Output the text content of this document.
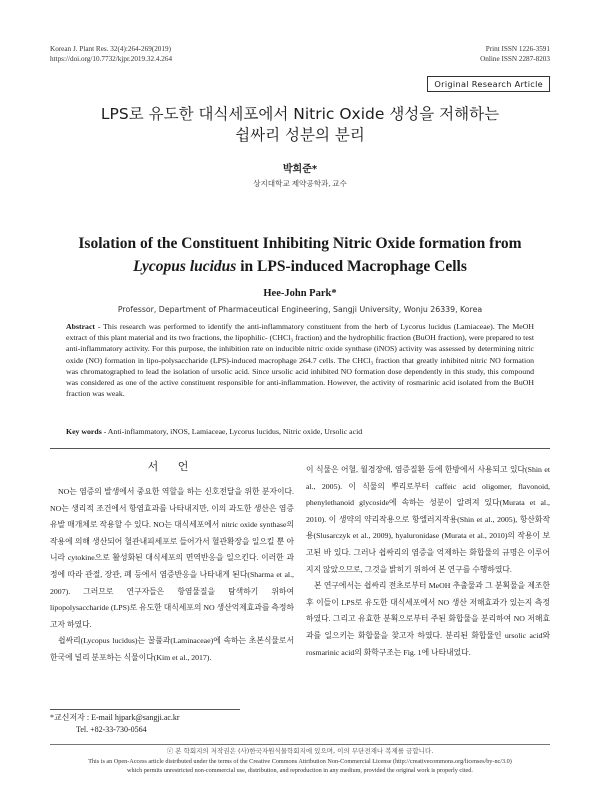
Korean J. Plant Res. 32(4):264-269(2019)
https://doi.org/10.7732/kjpr.2019.32.4.264
Print ISSN 1226-3591
Online ISSN 2287-8203
Original Research Article
LPS로 유도한 대식세포에서 Nitric Oxide 생성을 저해하는
쉽싸리 성분의 분리
박희준*
상지대학교 제약공학과, 교수
Isolation of the Constituent Inhibiting Nitric Oxide formation from
Lycopus lucidus in LPS-induced Macrophage Cells
Hee-John Park*
Professor, Department of Pharmaceutical Engineering, Sangji University, Wonju 26339, Korea
Abstract - This research was performed to identify the anti-inflammatory constituent from the herb of Lycorus lucidus (Lamiaceae). The MeOH extract of this plant material and its two fractions, the lipophilic- (CHCl₃ fraction) and the hydrophilic fraction (BuOH fraction), were prepared to test anti-inflammatory activity. For this purpose, the inhibition rate on inducible nitric oxide synthase (iNOS) activity was assessed by determining nitric oxide (NO) formation in lipo-polysaccharide (LPS)-induced macrophage 264.7 cells. The CHCl₃ fraction that greatly inhibited nitric NO formation was chromatographed to lead the isolation of ursolic acid. Since ursolic acid inhibited NO formation dose dependently in this study, this compound was considered as one of the active constituent responsible for anti-inflammation. However, the activity of rosmarinic acid isolated from the BuOH fraction was weak.
Key words - Anti-inflammatory, iNOS, Lamiaceae, Lycorus lucidus, Nitric oxide, Ursolic acid
서 언

NO는 염증의 발생에서 중요한 역할을 하는 신호전달을 위한 분자이다. NO는 생리적 조건에서 항염효과를 나타내지만, 이의 과도한 생산은 염증유발 매개체로 작용할 수 있다. NO는 대식세포에서 nitric oxide synthase의 작용에 의해 생산되어 혈관내피세포로 들어가서 혈관확장을 일으킬 뿐 아니라 cytokine으로 활성화된 대식세포의 면역반응을 일으킨다. 이러한 과정에 따라 관절, 장관, 폐 등에서 염증반응을 나타내게 된다(Sharma et al., 2007). 그러므로 연구자들은 항염물질을 탐색하기 위하여 lipopolysaccharide (LPS)로 유도한 대식세포의 NO 생산억제효과를 측정하고자 하였다.

쉽싸리(Lycopus lucidus)는 꿀풀과(Laminaceae)에 속하는 초본식물로서 한국에 널리 분포하는 식물이다(Kim et al., 2017).

이 식물은 어혈, 월경장애, 염증질환 등에 한방에서 사용되고 있다(Shin et al., 2005). 이 식물의 뿌리로부터 caffeic acid oligomer, flavonoid, phenylethanoid glycoside에 속하는 성분이 알려져 있다(Murata et al., 2010). 이 생약의 약리작용으로 항엘러지작용(Shin et al., 2005), 항산화작용(Slusarczyk et al., 2009), hyaluronidase (Murata et al., 2010)의 작용이 보고된 바 있다. 그러나 쉽싸리의 염증을 억제하는 화합물의 규명은 이루어지지 않았으므로, 그것을 밝히기 위하여 본 연구를 수행하였다.

본 연구에서는 쉽싸리 전초로부터 MeOH 추출물과 그 분획물을 제조한 후 이들이 LPS로 유도한 대식세포에서 NO 생산 저해효과가 있는지 측정하였다. 그리고 유효한 분획으로부터 주된 화합물을 분리하여 NO 저해효과를 일으키는 화합물을 찾고자 하였다. 분리된 화합물인 ursolic acid와 rosmarinic acid의 화학구조는 Fig. 1에 나타내었다.

*교신저자 : E-mail hjpark@sangji.ac.kr
Tel. +82-33-730-0564
ⓒ 본 학회지의 저작권은 (사)한국자원식물학회지에 있으며, 이의 무단전재나 복제를 금합니다.
This is an Open-Access article distributed under the terms of the Creative Commons Attribution Non-Commercial License (http://creativecommons.org/licenses/by-nc/3.0)
which permits unrestricted non-commercial use, distribution, and reproduction in any medium, provided the original work is properly cited.
